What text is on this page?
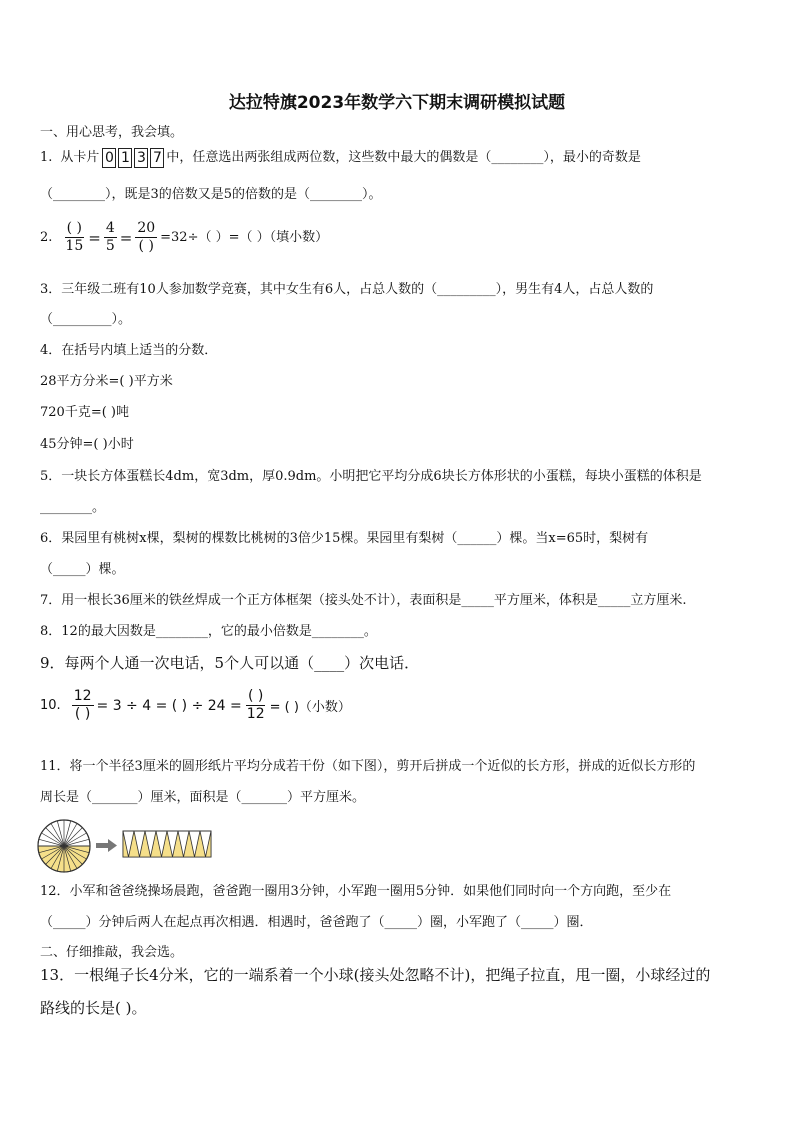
达拉特旗2023年数学六下期末调研模拟试题
一、用心思考，我会填。
1. 从卡片 0 1 3 7 中，任意选出两张组成两位数，这些数中最大的偶数是（________），最小的奇数是
（________），既是3的倍数又是5的倍数的是（________）。
2. $\frac{( )}{15} = \frac{4}{5} = \frac{20}{( )} =32\div$（ ）=（ ）（填小数）
3．三年级二班有10人参加数学竞赛，其中女生有6人，占总人数的（_________），男生有4人，占总人数的
（_________）。
4．在括号内填上适当的分数．
28平方分米=( )平方米
720千克=( )吨
45分钟=( )小时
5．一块长方体蛋糕长4dm，宽3dm，厚0.9dm。小明把它平均分成6块长方体形状的小蛋糕，每块小蛋糕的体积是
________。
6．果园里有桃树x棵，梨树的棵数比桃树的3倍少15棵。果园里有梨树（______）棵。当x=65时，梨树有
（_____）棵。
7．用一根长36厘米的铁丝焊成一个正方体框架（接头处不计），表面积是_____平方厘米，体积是_____立方厘米.
8．12的最大因数是________，它的最小倍数是________。
9．每两个人通一次电话，5个人可以通（____）次电话．
10. $\frac{12}{( )} = 3 \div 4$ = ( ) ÷ $24 = \frac{( )}{12}$ = ( )（小数）
11．将一个半径3厘米的圆形纸片平均分成若干份（如下图），剪开后拼成一个近似的长方形，拼成的近似长方形的
周长是（_______）厘米，面积是（_______）平方厘米。
12．小军和爸爸绕操场晨跑，爸爸跑一圈用3分钟，小军跑一圈用5分钟．如果他们同时向一个方向跑，至少在
（_____）分钟后两人在起点再次相遇．相遇时，爸爸跑了（_____）圈，小军跑了（_____）圈．
二、仔细推敲，我会选。
13．一根绳子长4分米，它的一端系着一个小球(接头处忽略不计)，把绳子拉直，甩一圈，小球经过的
路线的长是( )。
